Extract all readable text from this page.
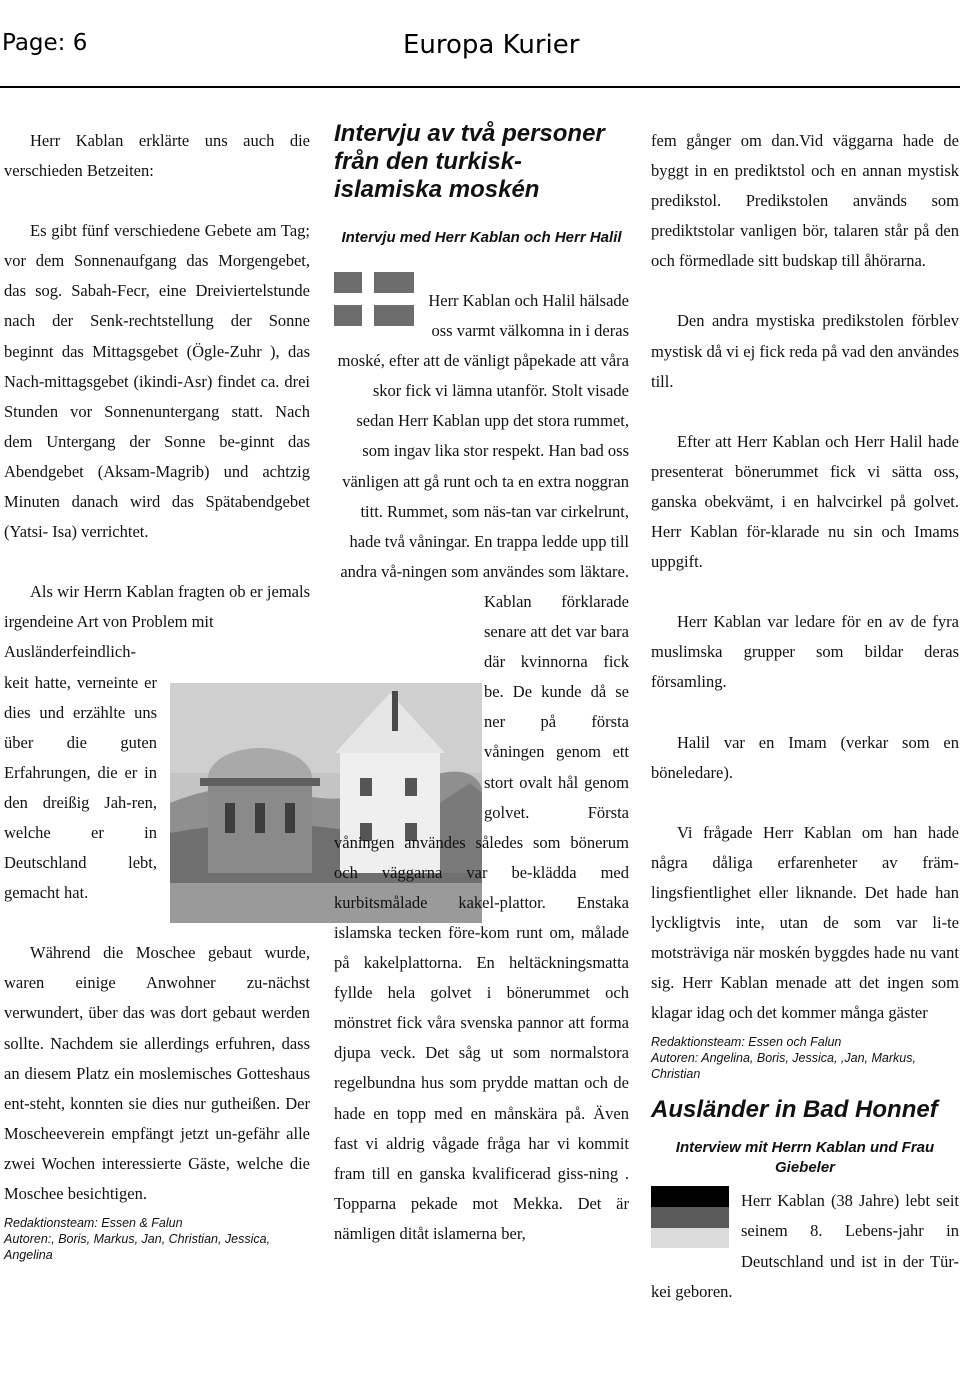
Page: 6	Europa Kurier

Herr Kablan erklärte uns auch die verschieden Betzeiten:

Es gibt fünf verschiedene Gebete am Tag; vor dem Sonnenaufgang das Morgengebet, das sog. Sabah-Fecr, eine Dreiviertelstunde nach der Senk-rechtstellung der Sonne beginnt das Mittagsgebet (Ögle-Zuhr ), das Nach-mittagsgebet (ikindi-Asr) findet ca. drei Stunden vor Sonnenuntergang statt. Nach dem Untergang der Sonne be-ginnt das Abendgebet (Aksam-Magrib) und achtzig Minuten danach wird das Spätabendgebet (Yatsi- Isa) verrichtet.

Als wir Herrn Kablan fragten ob er jemals irgendeine Art von Problem mit

Ausländerfeindlich-keit hatte, verneinte er dies und erzählte uns über die guten Erfahrungen, die er in den dreißig Jah-ren, welche er in Deutschland lebt, gemacht hat.

Während die Moschee gebaut wurde, waren einige Anwohner zu-nächst verwundert, über das was dort gebaut werden sollte. Nachdem sie allerdings erfuhren, dass an diesem Platz ein moslemisches Gotteshaus ent-steht, konnten sie dies nur gutheißen. Der Moscheeverein empfängt jetzt un-gefähr alle zwei Wochen interessierte Gäste, welche die Moschee besichtigen.

Redaktionsteam: Essen & Falun

Autoren:, Boris, Markus, Jan, Christian, Jessica, Angelina

Intervju av två personer från den turkisk-islamiska moskén
Intervju med Herr Kablan och Herr Halil

Herr Kablan och Halil hälsade oss varmt välkomna in i deras moské, efter att de vänligt påpekade att våra skor fick vi lämna utanför. Stolt visade sedan Herr Kablan upp det stora rummet, som ingav lika stor respekt. Han bad oss vänligen att gå runt och ta en extra noggran titt. Rummet, som näs-tan var cirkelrunt, hade två våningar. En trappa ledde upp till andra vå-ningen som användes som läktare.

Kablan förklarade senare att det var bara där kvinnorna fick be. De kunde då se ner på första våningen genom ett stort ovalt hål genom golvet. Första våningen användes således som bönerum och väggarna var be-klädda med kurbitsmålade kakel-plattor. Enstaka islamska tecken före-kom runt om, målade på kakelplattorna. En heltäckningsmatta fyllde hela golvet i bönerummet och mönstret fick våra svenska pannor att forma djupa veck. Det såg ut som normalstora regelbundna hus som prydde mattan och de hade en topp med en månskära på. Även fast vi aldrig vågade fråga har vi kommit fram till en ganska kvalificerad giss-ning . Topparna pekade mot Mekka. Det är nämligen ditåt islamerna ber,

fem gånger om dan.Vid väggarna hade de byggt in en prediktstol och en annan mystisk predikstol. Predikstolen används som prediktstolar vanligen bör, talaren står på den och förmedlade sitt budskap till åhörarna.

Den andra mystiska predikstolen förblev mystisk då vi ej fick reda på vad den användes till.

Efter att Herr Kablan och Herr Halil hade presenterat bönerummet fick vi sätta oss, ganska obekvämt, i en halvcirkel på golvet. Herr Kablan för-klarade nu sin och Imams uppgift.

Herr Kablan var ledare för en av de fyra muslimska grupper som bildar deras församling.

Halil var en Imam (verkar som en böneledare).

Vi frågade Herr Kablan om han hade några dåliga erfarenheter av främ-lingsfientlighet eller liknande. Det hade han lyckligtvis inte, utan de som var li-te motsträviga när moskén byggdes hade nu vant sig. Herr Kablan menade att det ingen som klagar idag och det kommer många gäster

Redaktionsteam: Essen och Falun

Autoren: Angelina, Boris, Jessica, ,Jan, Markus, Christian

Ausländer in Bad Honnef
Interview mit Herrn Kablan und Frau Giebeler

Herr Kablan (38 Jahre) lebt seit seinem 8. Lebens-jahr in Deutschland und ist in der Tür-kei geboren.
